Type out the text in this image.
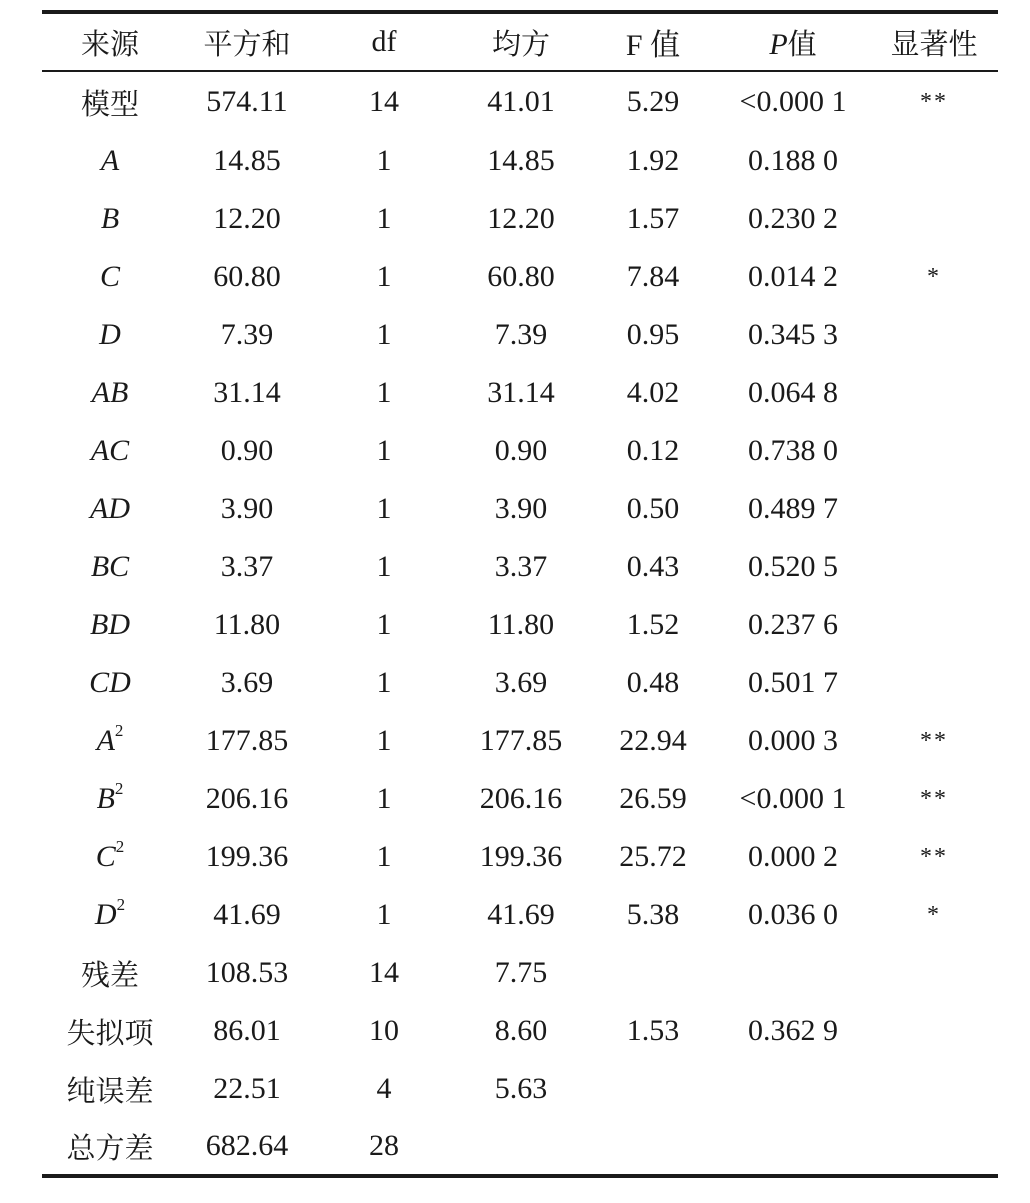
来源	平方和	df	均方	F 值	P值	显著性
模型	574.11	14	41.01	5.29	<0.000 1	**
A	14.85	1	14.85	1.92	0.188 0	
B	12.20	1	12.20	1.57	0.230 2	
C	60.80	1	60.80	7.84	0.014 2	*
D	7.39	1	7.39	0.95	0.345 3	
AB	31.14	1	31.14	4.02	0.064 8	
AC	0.90	1	0.90	0.12	0.738 0	
AD	3.90	1	3.90	0.50	0.489 7	
BC	3.37	1	3.37	0.43	0.520 5	
BD	11.80	1	11.80	1.52	0.237 6	
CD	3.69	1	3.69	0.48	0.501 7	
$A^2$	177.85	1	177.85	22.94	0.000 3	**
$B^2$	206.16	1	206.16	26.59	<0.000 1	**
$C^2$	199.36	1	199.36	25.72	0.000 2	**
$D^2$	41.69	1	41.69	5.38	0.036 0	*
残差	108.53	14	7.75			
失拟项	86.01	10	8.60	1.53	0.362 9	
纯误差	22.51	4	5.63			
总方差	682.64	28				
